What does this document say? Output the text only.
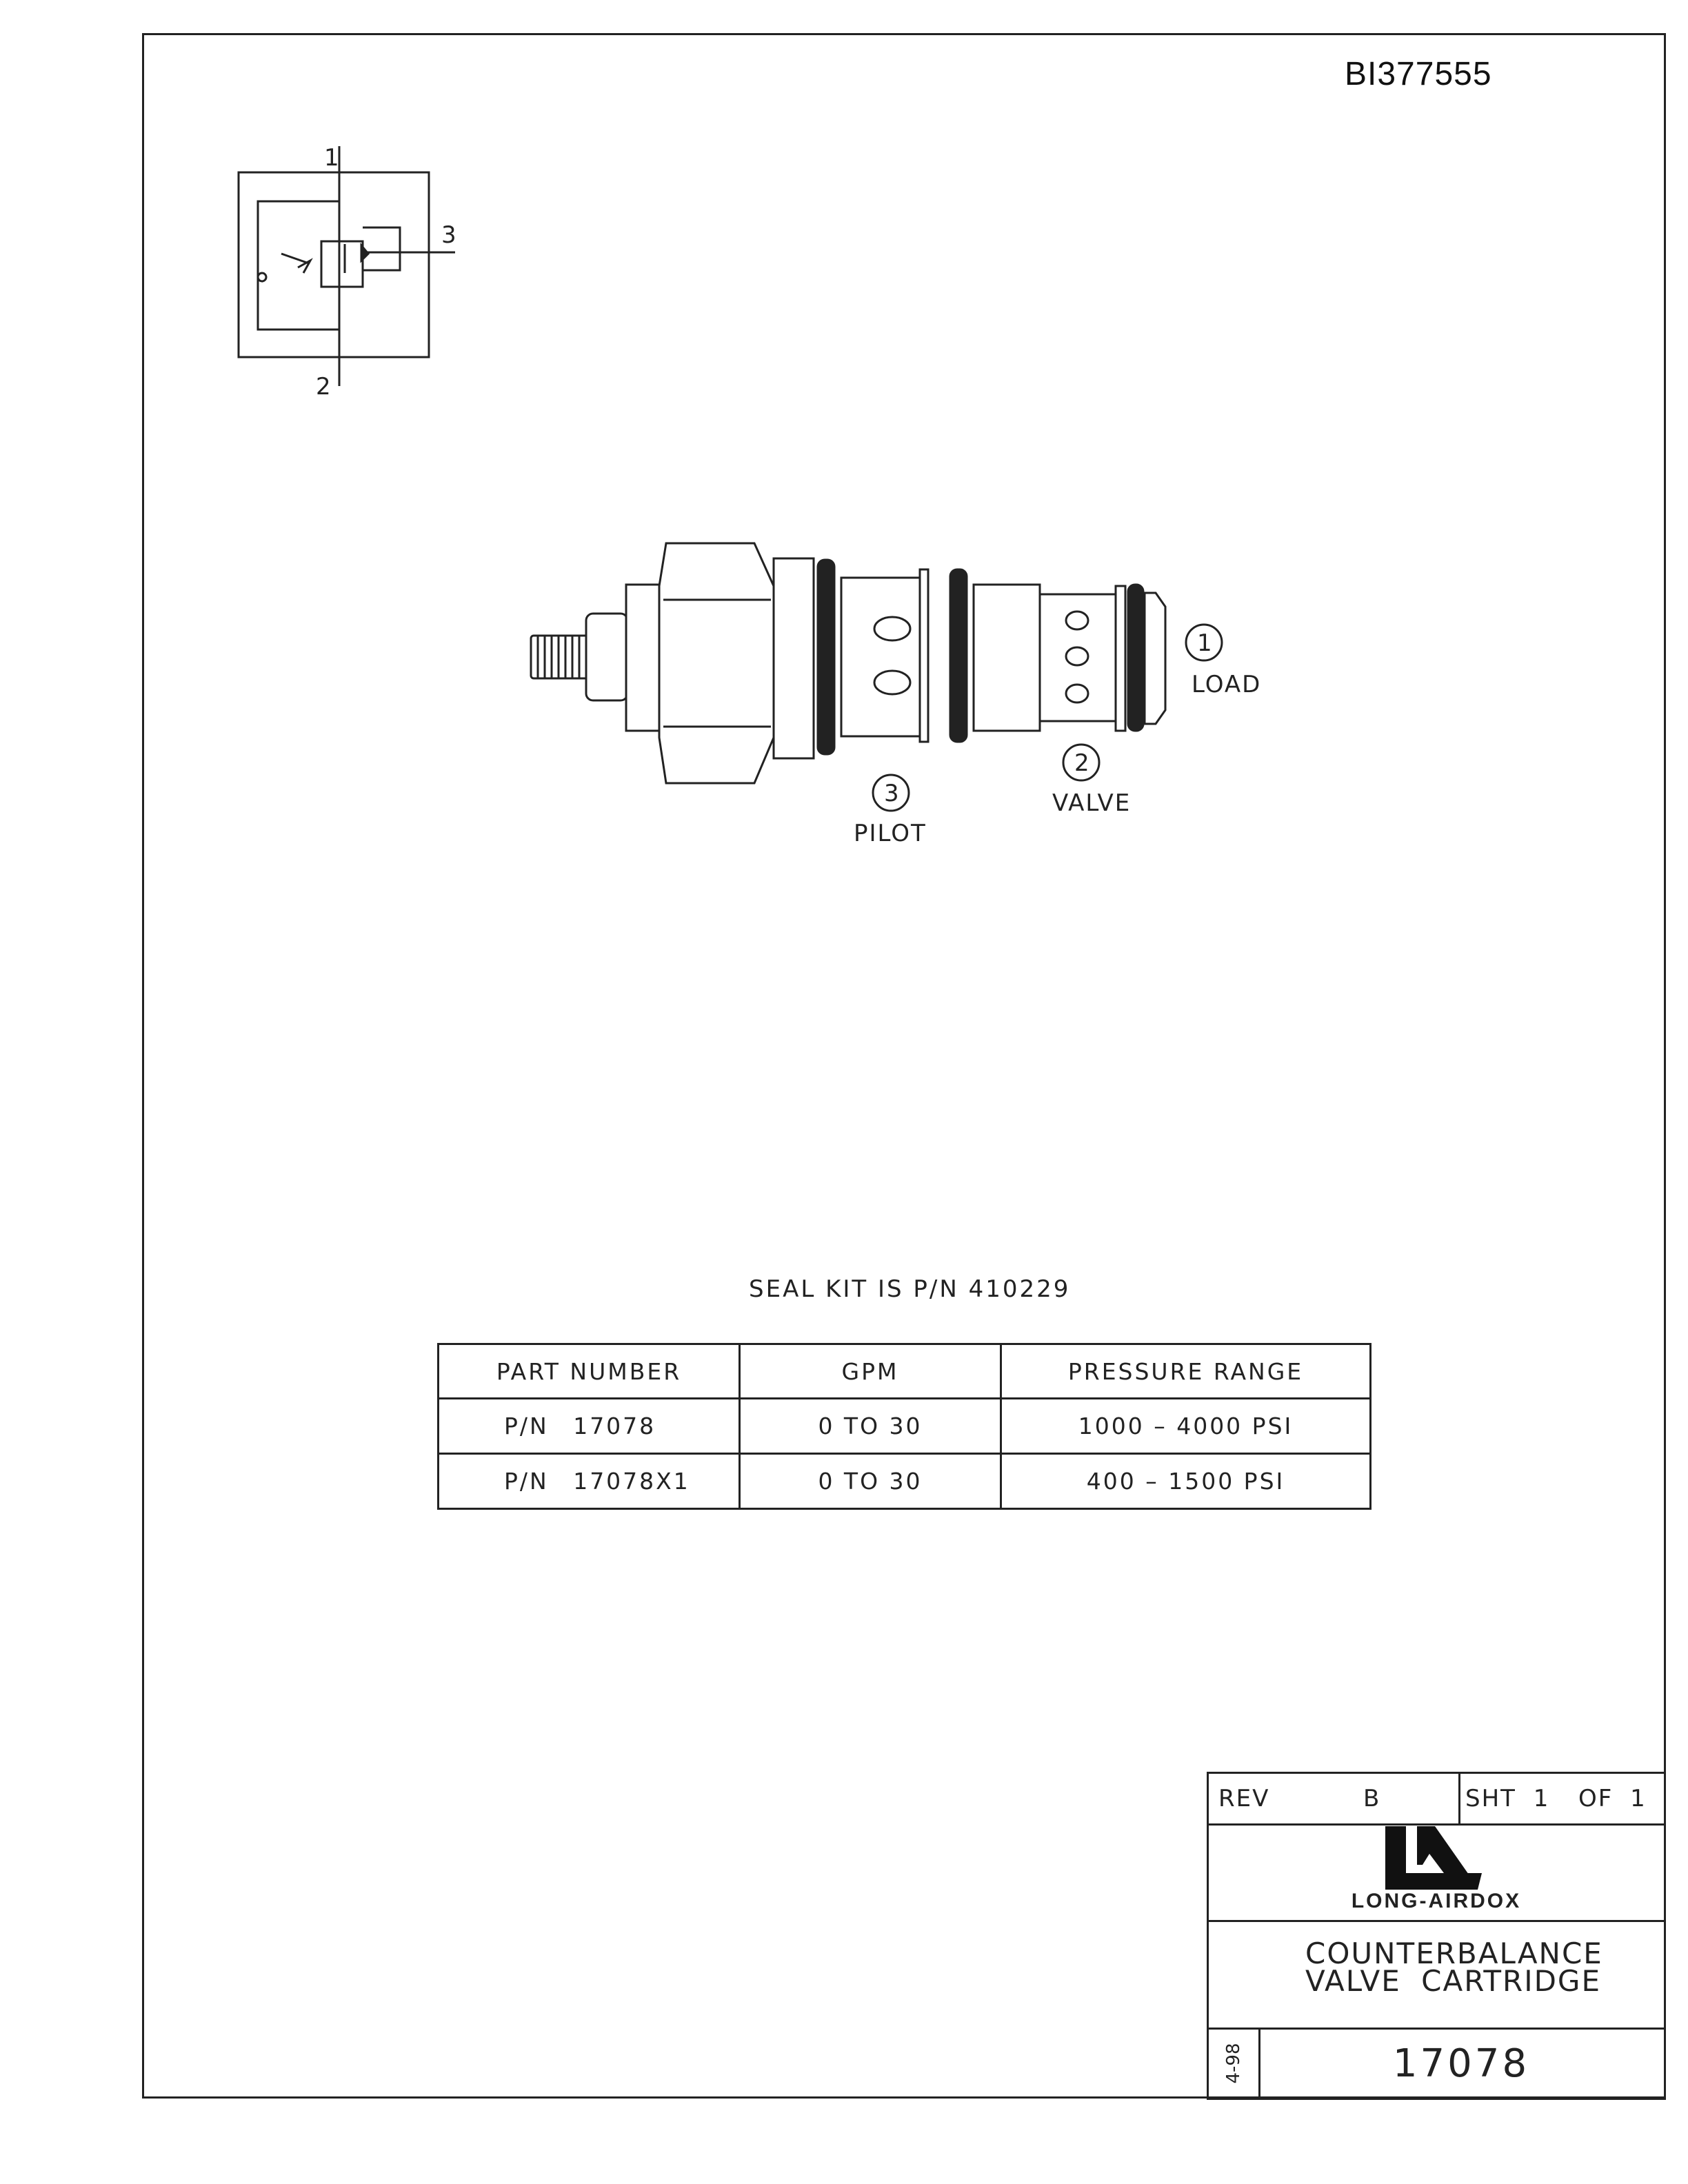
BI377555
1
3
2
1
LOAD
2
VALVE
3
PILOT
SEAL KIT IS P/N 410229
PART NUMBER	GPM	PRESSURE RANGE
P/N 17078	0 TO 30	1000 – 4000 PSI
P/N 17078X1	0 TO 30	400 – 1500 PSI
REV	B	SHT 1 OF 1
LONG-AIRDOX
COUNTERBALANCE
VALVE CARTRIDGE
4-98	17078
